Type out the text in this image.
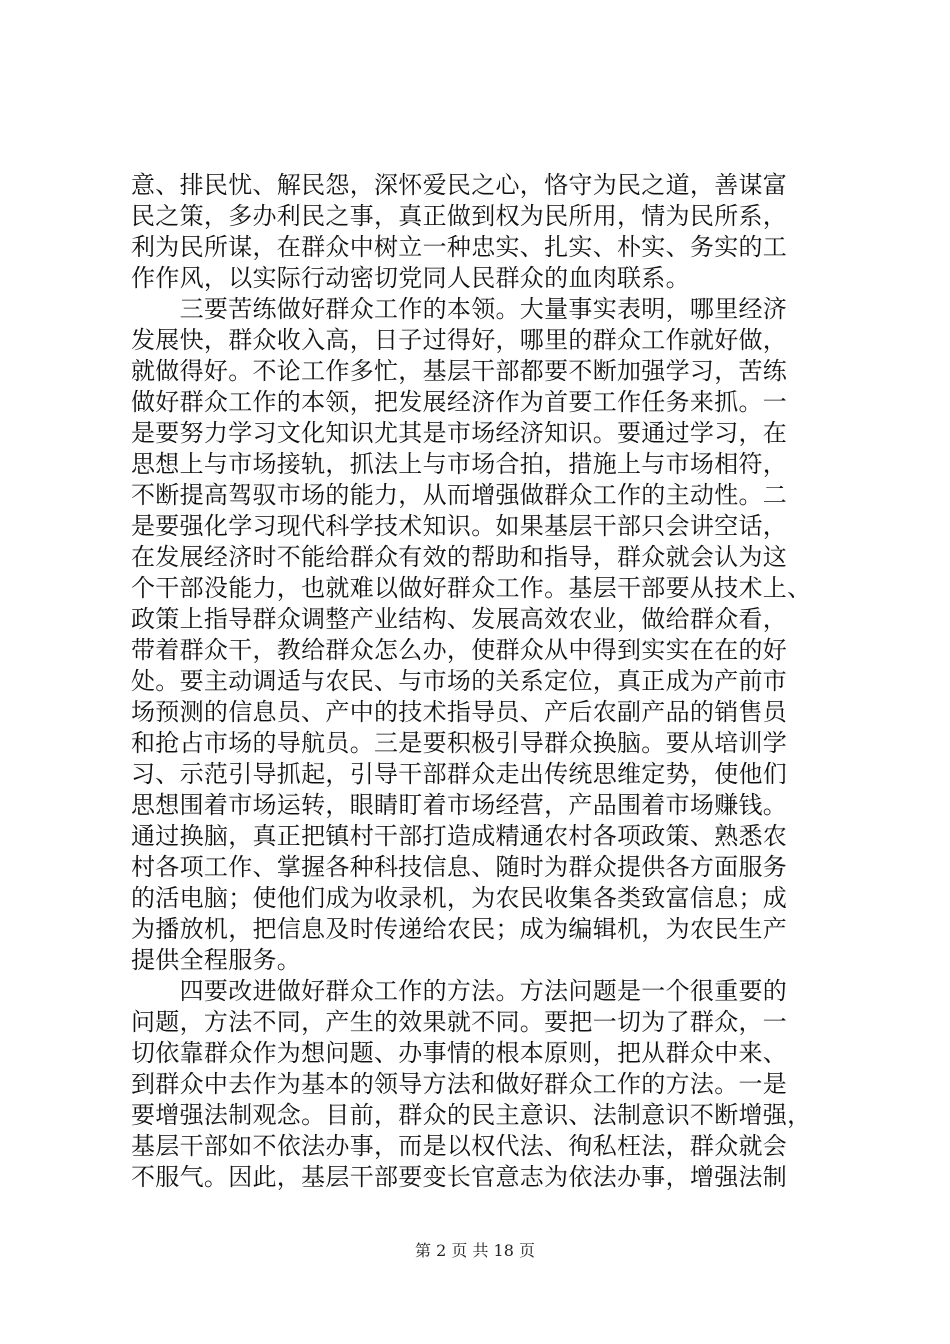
意、排民忧、解民怨，深怀爱民之心，恪守为民之道，善谋富
民之策，多办利民之事，真正做到权为民所用，情为民所系，
利为民所谋，在群众中树立一种忠实、扎实、朴实、务实的工
作作风，以实际行动密切党同人民群众的血肉联系。
　　三要苦练做好群众工作的本领。大量事实表明，哪里经济
发展快，群众收入高，日子过得好，哪里的群众工作就好做，
就做得好。不论工作多忙，基层干部都要不断加强学习，苦练
做好群众工作的本领，把发展经济作为首要工作任务来抓。一
是要努力学习文化知识尤其是市场经济知识。要通过学习，在
思想上与市场接轨，抓法上与市场合拍，措施上与市场相符，
不断提高驾驭市场的能力，从而增强做群众工作的主动性。二
是要强化学习现代科学技术知识。如果基层干部只会讲空话，
在发展经济时不能给群众有效的帮助和指导，群众就会认为这
个干部没能力，也就难以做好群众工作。基层干部要从技术上、
政策上指导群众调整产业结构、发展高效农业，做给群众看，
带着群众干，教给群众怎么办，使群众从中得到实实在在的好
处。要主动调适与农民、与市场的关系定位，真正成为产前市
场预测的信息员、产中的技术指导员、产后农副产品的销售员
和抢占市场的导航员。三是要积极引导群众换脑。要从培训学
习、示范引导抓起，引导干部群众走出传统思维定势，使他们
思想围着市场运转，眼睛盯着市场经营，产品围着市场赚钱。
通过换脑，真正把镇村干部打造成精通农村各项政策、熟悉农
村各项工作、掌握各种科技信息、随时为群众提供各方面服务
的活电脑；使他们成为收录机，为农民收集各类致富信息；成
为播放机，把信息及时传递给农民；成为编辑机，为农民生产
提供全程服务。
　　四要改进做好群众工作的方法。方法问题是一个很重要的
问题，方法不同，产生的效果就不同。要把一切为了群众，一
切依靠群众作为想问题、办事情的根本原则，把从群众中来、
到群众中去作为基本的领导方法和做好群众工作的方法。一是
要增强法制观念。目前，群众的民主意识、法制意识不断增强，
基层干部如不依法办事，而是以权代法、徇私枉法，群众就会
不服气。因此，基层干部要变长官意志为依法办事，增强法制
第 2 页 共 18 页
